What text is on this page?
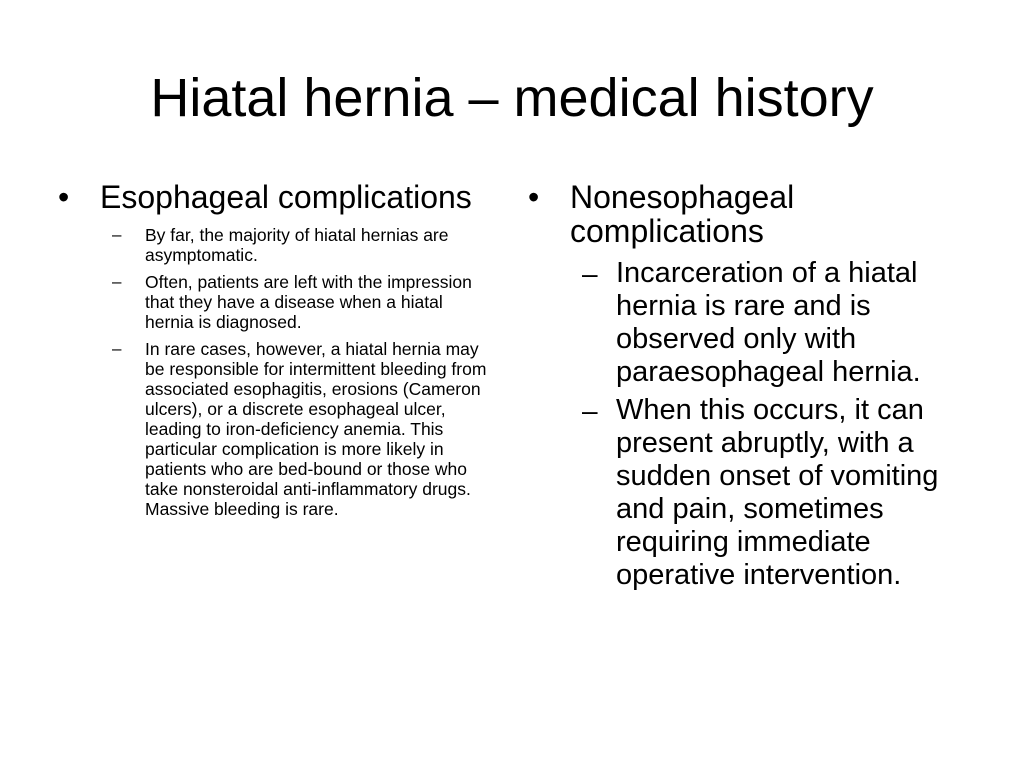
Hiatal hernia – medical history
• Esophageal complications
–	By far, the majority of hiatal hernias are asymptomatic.
–	Often, patients are left with the impression that they have a disease when a hiatal hernia is diagnosed.
–	In rare cases, however, a hiatal hernia may be responsible for intermittent bleeding from associated esophagitis, erosions (Cameron ulcers), or a discrete esophageal ulcer, leading to iron-deficiency anemia. This particular complication is more likely in patients who are bed-bound or those who take nonsteroidal anti-inflammatory drugs. Massive bleeding is rare.
• Nonesophageal complications
– Incarceration of a hiatal hernia is rare and is observed only with paraesophageal hernia.
– When this occurs, it can present abruptly, with a sudden onset of vomiting and pain, sometimes requiring immediate operative intervention.
